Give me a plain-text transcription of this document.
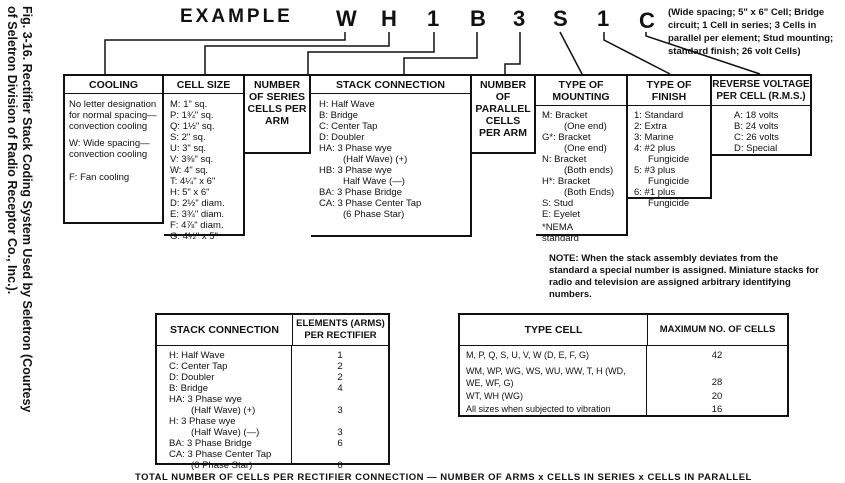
Fig. 3-16. Rectifier Stack Coding System Used by Seletron (Courtesy
of Seletron Division of Radio Receptor Co., Inc.).	EXAMPLE W H 1 B 3 S 1 C (Wide spacing; 5" x 6" Cell; Bridge circuit; 1 Cell in series; 3 Cells in parallel per element; Stud mounting; standard finish; 26 volt Cells)
COOLING
No letter designation for normal spacing—convection cooling
W: Wide spacing—convection cooling
F: Fan cooling
CELL SIZE
M: 1" sq.
P: 1¾" sq.
Q: 1½" sq.
S: 2" sq.
U: 3" sq.
V: 3⅜" sq.
W: 4" sq.
T: 4¼" x 6"
H: 5" x 6"
D: 2½" diam.
E: 3¾" diam.
F: 4⅞" diam.
G: 4½" x 5"
NUMBER OF SERIES CELLS PER ARM
STACK CONNECTION
H: Half Wave
B: Bridge
C: Center Tap
D: Doubler
HA: 3 Phase wye
(Half Wave) (+)
HB: 3 Phase wye
Half Wave (—)
BA: 3 Phase Bridge
CA: 3 Phase Center Tap
(6 Phase Star)
NUMBER OF PARALLEL CELLS PER ARM
TYPE OF MOUNTING
M: Bracket
(One end)
G*: Bracket
(One end)
N: Bracket
(Both ends)
H*: Bracket
(Both Ends)
S: Stud
E: Eyelet
*NEMA
standard
TYPE OF FINISH
1: Standard
2: Extra
3: Marine
4: #2 plus
Fungicide
5: #3 plus
Fungicide
6: #1 plus
Fungicide
REVERSE VOLTAGE PER CELL (R.M.S.)
A: 18 volts
B: 24 volts
C: 26 volts
D: Special
NOTE: When the stack assembly deviates from the standard a special number is assigned. Miniature stacks for radio and television are assigned arbitrary identifying numbers.
STACK CONNECTION
ELEMENTS (ARMS) PER RECTIFIER
H: Half Wave
C: Center Tap
D: Doubler
B: Bridge
HA: 3 Phase wye
(Half Wave) (+)
H: 3 Phase wye
(Half Wave) (—)
BA: 3 Phase Bridge
CA: 3 Phase Center Tap
(6 Phase Star)
1
2
2
4
3
3
6
6
TYPE CELL	MAXIMUM NO. OF CELLS
M, P, Q, S, U, V, W (D, E, F, G)
WM, WP, WG, WS, WU, WW, T, H (WD, WE, WF, G)
WT, WH (WG)
All sizes when subjected to vibration
42
28
20
16
TOTAL NUMBER OF CELLS PER RECTIFIER CONNECTION — NUMBER OF ARMS x CELLS IN SERIES x CELLS IN PARALLEL
